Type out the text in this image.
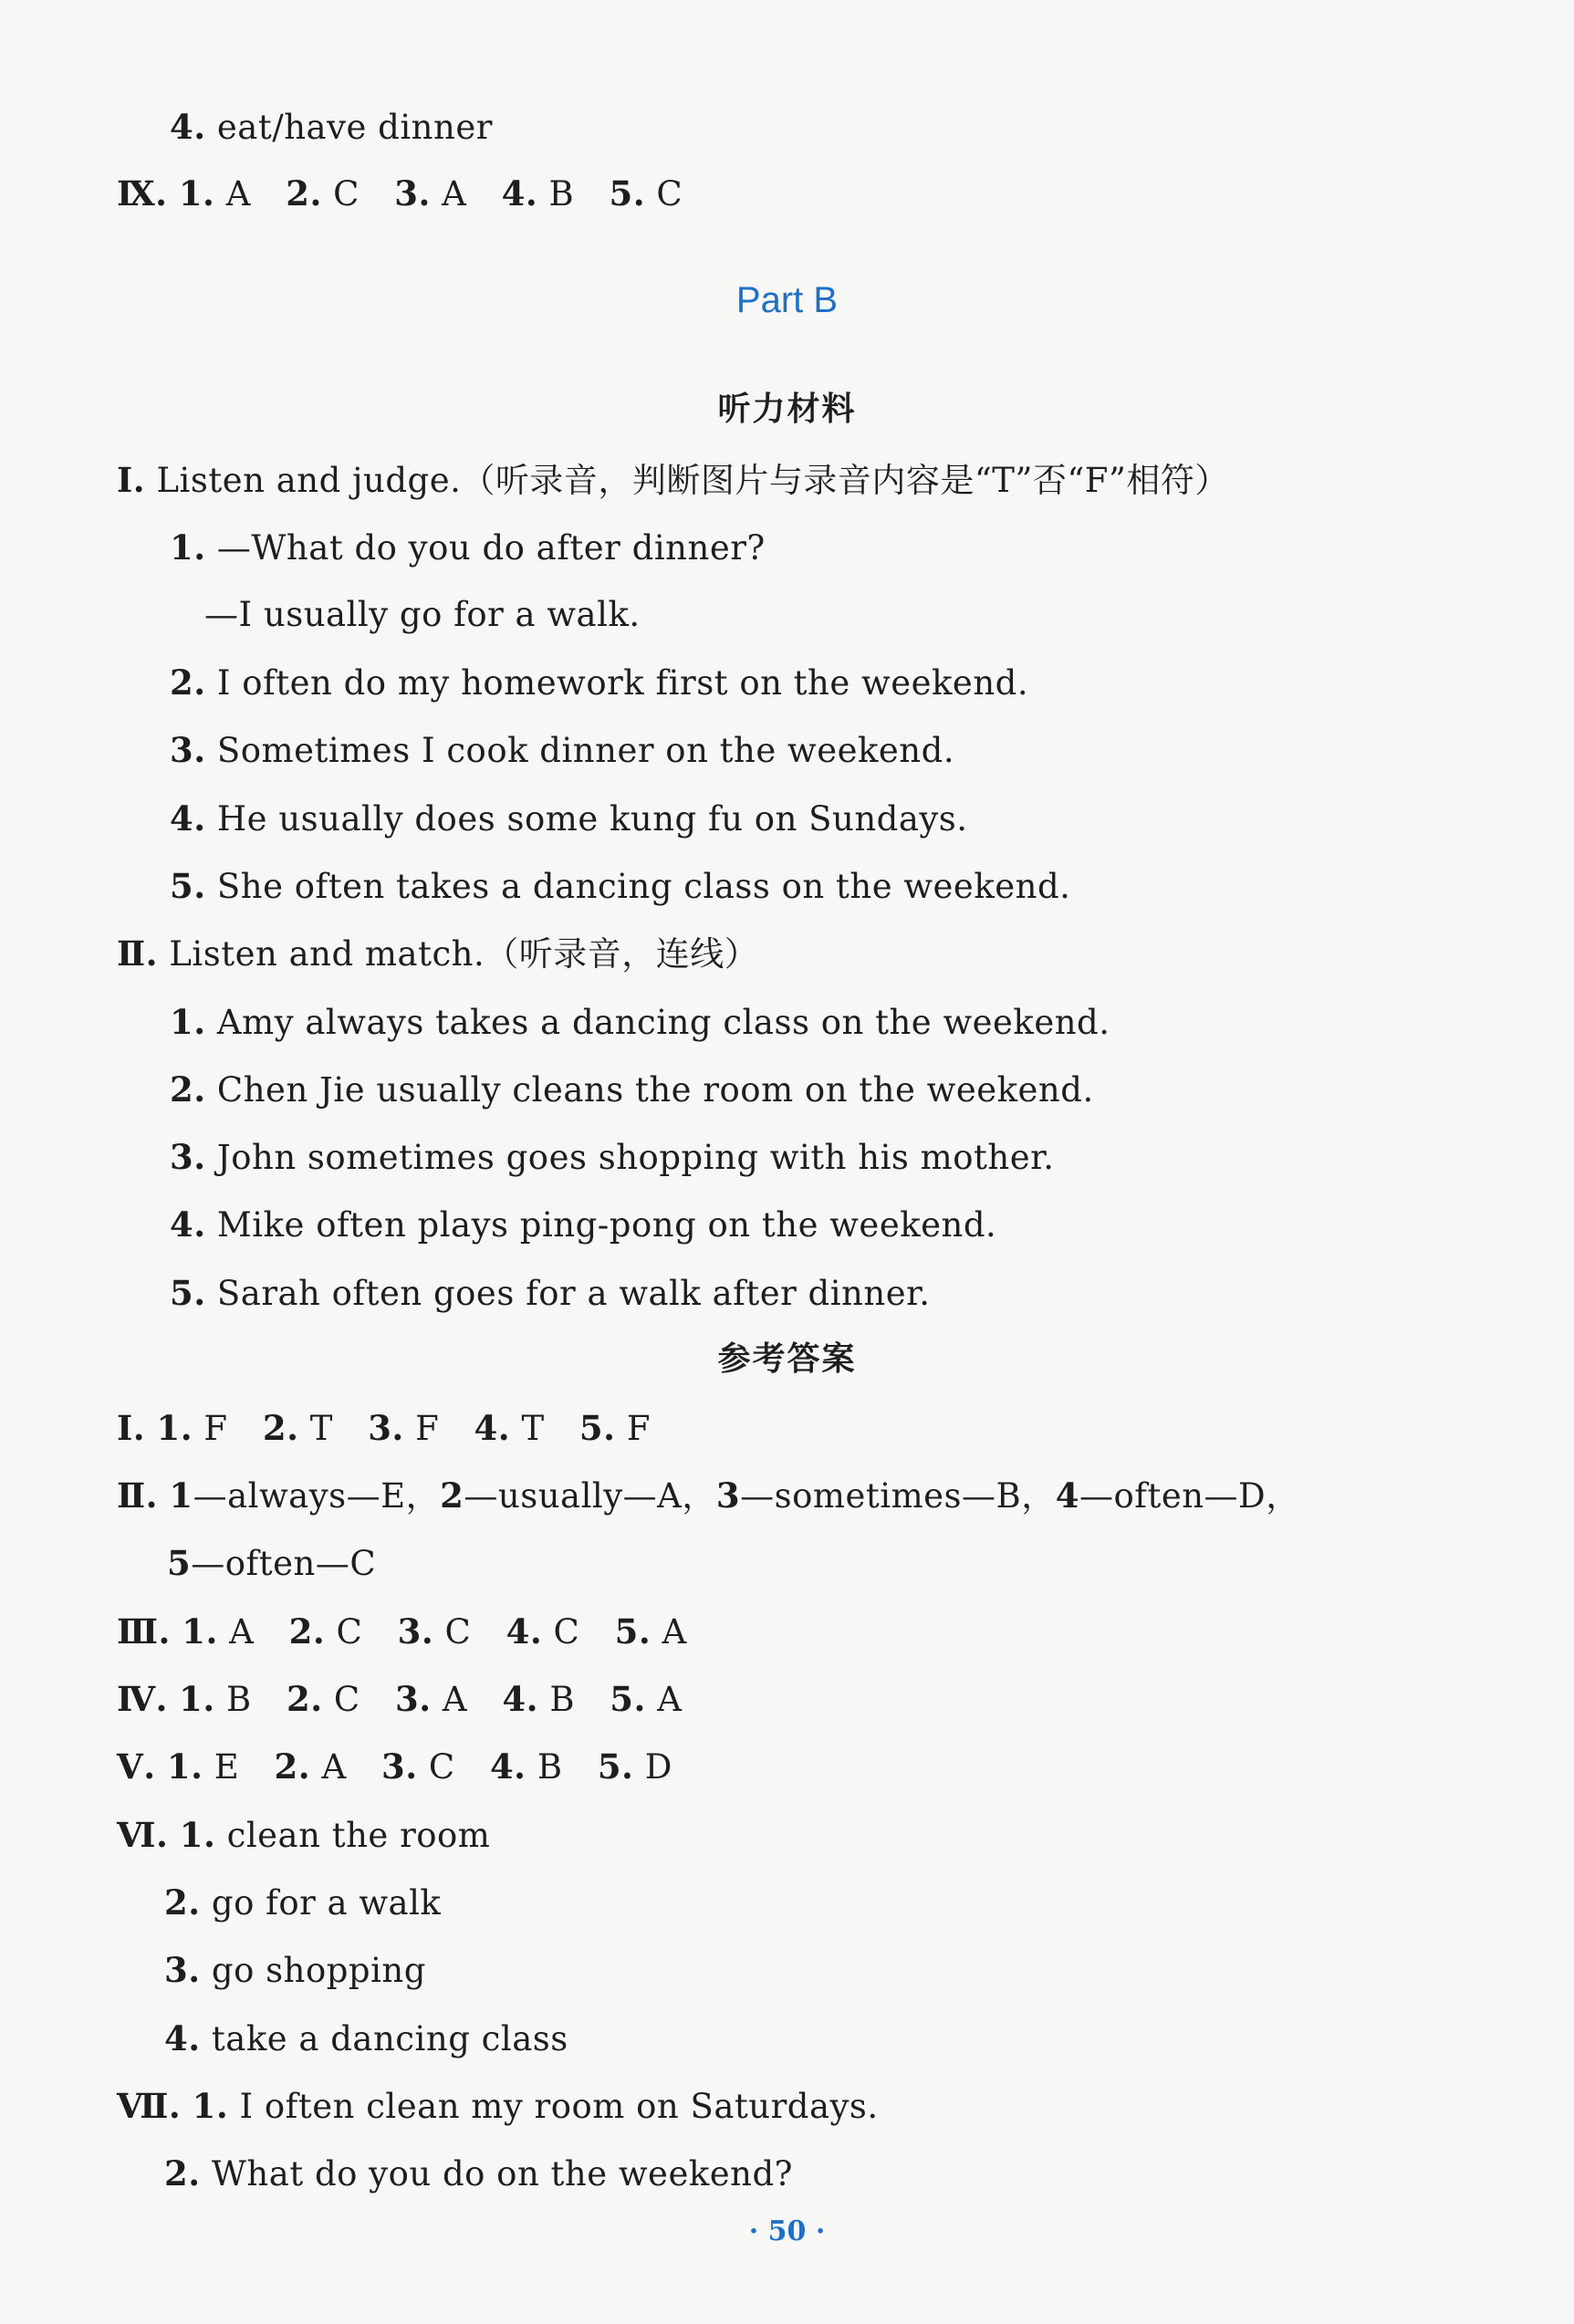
4. eat/have dinner
Ⅸ. 1. A 2. C 3. A 4. B 5. C
Part B
听力材料
Ⅰ. Listen and judge.（听录音，判断图片与录音内容是“T”否“F”相符）
1. —What do you do after dinner?
—I usually go for a walk.
2. I often do my homework first on the weekend.
3. Sometimes I cook dinner on the weekend.
4. He usually does some kung fu on Sundays.
5. She often takes a dancing class on the weekend.
Ⅱ. Listen and match.（听录音，连线）
1. Amy always takes a dancing class on the weekend.
2. Chen Jie usually cleans the room on the weekend.
3. John sometimes goes shopping with his mother.
4. Mike often plays ping-pong on the weekend.
5. Sarah often goes for a walk after dinner.
参考答案
Ⅰ. 1. F 2. T 3. F 4. T 5. F
Ⅱ. 1—always—E，2—usually—A，3—sometimes—B，4—often—D，
5—often—C
Ⅲ. 1. A 2. C 3. C 4. C 5. A
Ⅳ. 1. B 2. C 3. A 4. B 5. A
Ⅴ. 1. E 2. A 3. C 4. B 5. D
Ⅵ. 1. clean the room
2. go for a walk
3. go shopping
4. take a dancing class
Ⅶ. 1. I often clean my room on Saturdays.
2. What do you do on the weekend?
· 50 ·
